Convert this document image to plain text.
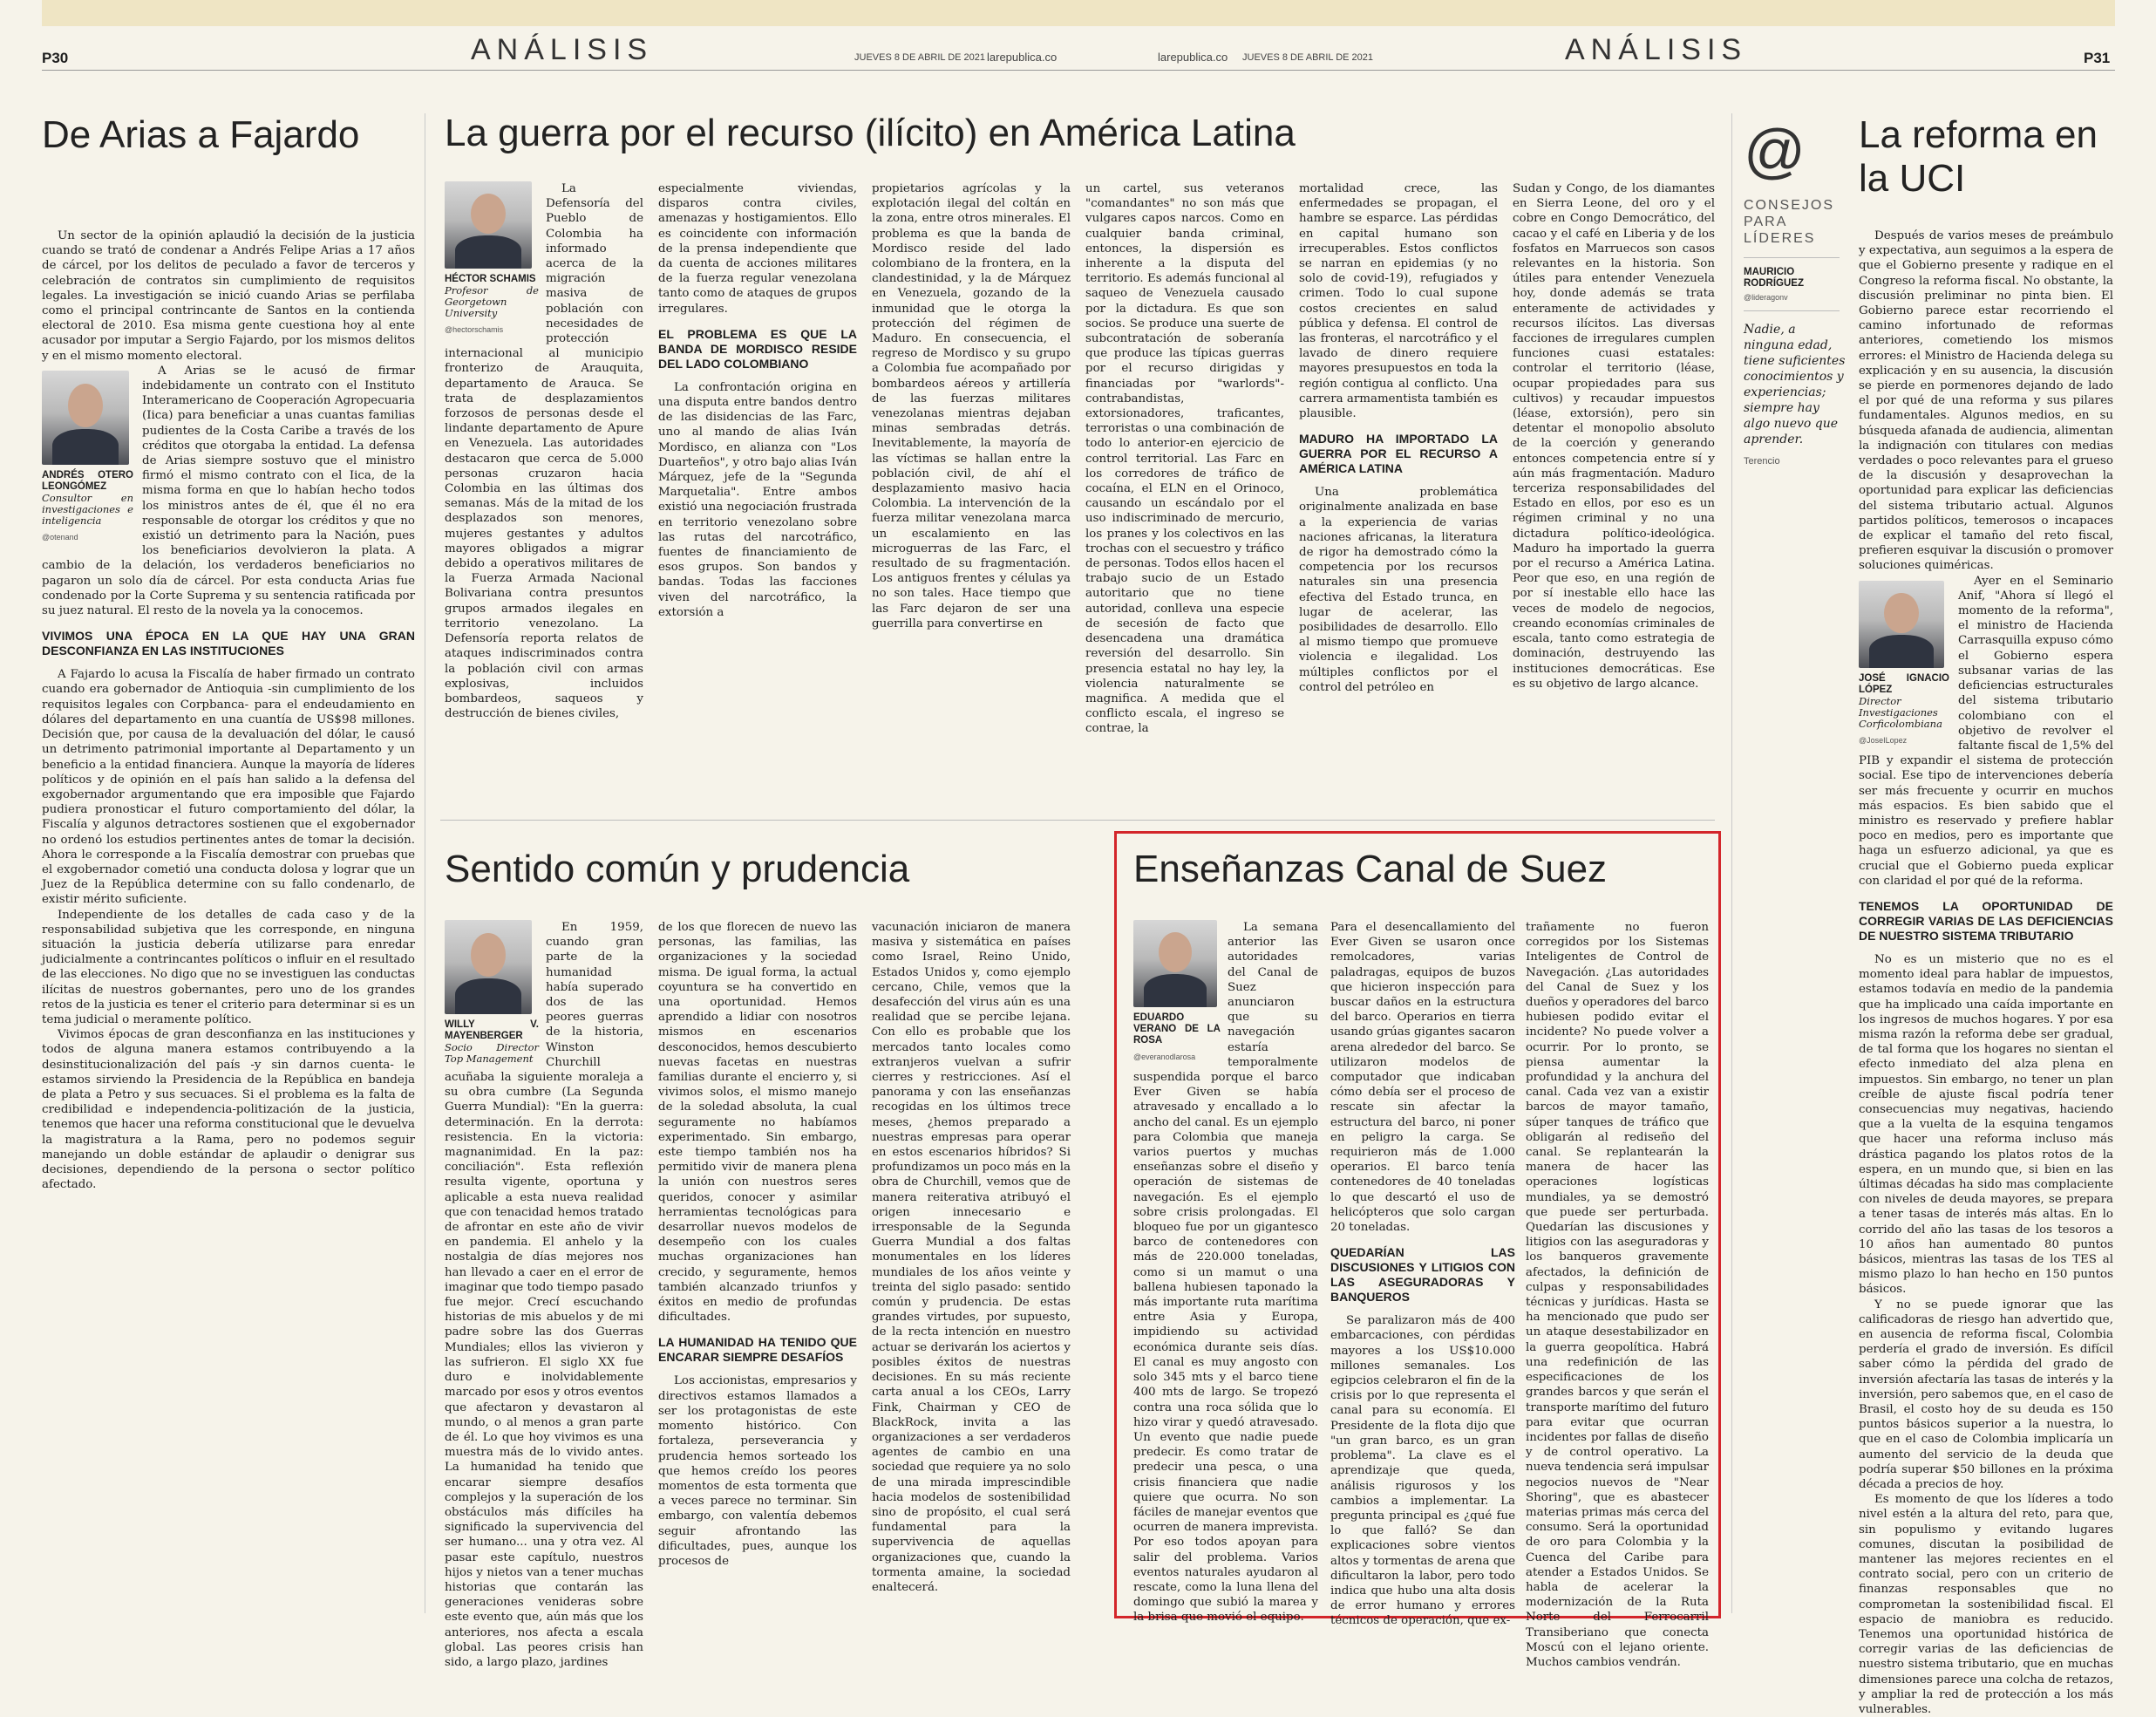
P30	ANÁLISIS	JUEVES 8 DE ABRIL DE 2021 larepublica.co	larepublica.co JUEVES 8 DE ABRIL DE 2021	ANÁLISIS	P31
De Arias a Fajardo

Un sector de la opinión aplaudió la decisión de la justicia cuando se trató de condenar a Andrés Felipe Arias a 17 años de cárcel, por los delitos de peculado a favor de terceros y celebración de contratos sin cumplimiento de requisitos legales. La investigación se inició cuando Arias se perfilaba como el principal contrincante de Santos en la contienda electoral de 2010. Esa misma gente cuestiona hoy al ente acusador por imputar a Sergio Fajardo, por los mismos delitos y en el mismo momento electoral.

ANDRÉS OTERO LEONGÓMEZ
Consultor en investigaciones e inteligencia
@otenand

A Arias se le acusó de firmar indebidamente un contrato con el Instituto Interamericano de Cooperación Agropecuaria (Iica) para beneficiar a unas cuantas familias pudientes de la Costa Caribe a través de los créditos que otorgaba la entidad. La defensa de Arias siempre sostuvo que el ministro firmó el mismo contrato con el Iica, de la misma forma en que lo habían hecho todos los ministros antes de él, que él no era responsable de otorgar los créditos y que no existió un detrimento para la Nación, pues los beneficiarios devolvieron la plata. A cambio de la delación, los verdaderos beneficiarios no pagaron un solo día de cárcel. Por esta conducta Arias fue condenado por la Corte Suprema y su sentencia ratificada por su juez natural. El resto de la novela ya la conocemos.

VIVIMOS UNA ÉPOCA EN LA QUE HAY UNA GRAN DESCONFIANZA EN LAS INSTITUCIONES

A Fajardo lo acusa la Fiscalía de haber firmado un contrato cuando era gobernador de Antioquia -sin cumplimiento de los requisitos legales con Corpbanca- para el endeudamiento en dólares del departamento en una cuantía de US$98 millones. Decisión que, por causa de la devaluación del dólar, le causó un detrimento patrimonial importante al Departamento y un beneficio a la entidad financiera. Aunque la mayoría de líderes políticos y de opinión en el país han salido a la defensa del exgobernador argumentando que era imposible que Fajardo pudiera pronosticar el futuro comportamiento del dólar, la Fiscalía y algunos detractores sostienen que el exgobernador no ordenó los estudios pertinentes antes de tomar la decisión. Ahora le corresponde a la Fiscalía demostrar con pruebas que el exgobernador cometió una conducta dolosa y lograr que un Juez de la República determine con su fallo condenarlo, de existir mérito suficiente.

Independiente de los detalles de cada caso y de la responsabilidad subjetiva que les corresponde, en ninguna situación la justicia debería utilizarse para enredar judicialmente a contrincantes políticos o influir en el resultado de las elecciones. No digo que no se investiguen las conductas ilícitas de nuestros gobernantes, pero uno de los grandes retos de la justicia es tener el criterio para determinar si es un tema judicial o meramente político.

Vivimos épocas de gran desconfianza en las instituciones y todos de alguna manera estamos contribuyendo a la desinstitucionalización del país -y sin darnos cuenta- le estamos sirviendo la Presidencia de la República en bandeja de plata a Petro y sus secuaces. Si el problema es la falta de credibilidad e independencia-politización de la justicia, tenemos que hacer una reforma constitucional que le devuelva la magistratura a la Rama, pero no podemos seguir manejando un doble estándar de aplaudir o denigrar sus decisiones, dependiendo de la persona o sector político afectado.

La guerra por el recurso (ilícito) en América Latina
HÉCTOR SCHAMIS
Profesor de Georgetown University
@hectorschamis

La Defensoría del Pueblo de Colombia ha informado acerca de la migración masiva de población con necesidades de protección internacional al municipio fronterizo de Arauquita, departamento de Arauca. Se trata de desplazamientos forzosos de personas desde el lindante departamento de Apure en Venezuela. Las autoridades destacaron que cerca de 5.000 personas cruzaron hacia Colombia en las últimas dos semanas. Más de la mitad de los desplazados son menores, mujeres gestantes y adultos mayores obligados a migrar debido a operativos militares de la Fuerza Armada Nacional Bolivariana contra presuntos grupos armados ilegales en territorio venezolano. La Defensoría reporta relatos de ataques indiscriminados contra la población civil con armas explosivas, incluidos bombardeos, saqueos y destrucción de bienes civiles,

especialmente viviendas, disparos contra civiles, amenazas y hostigamientos. Ello es coincidente con información de la prensa independiente que da cuenta de acciones militares de la fuerza regular venezolana tanto como de ataques de grupos irregulares.

EL PROBLEMA ES QUE LA BANDA DE MORDISCO RESIDE DEL LADO COLOMBIANO

La confrontación origina en una disputa entre bandos dentro de las disidencias de las Farc, uno al mando de alias Iván Mordisco, en alianza con "Los Duarteños", y otro bajo alias Iván Márquez, jefe de la "Segunda Marquetalia". Entre ambos existió una negociación frustrada en territorio venezolano sobre las rutas del narcotráfico, fuentes de financiamiento de esos grupos. Son bandos y bandas. Todas las facciones viven del narcotráfico, la extorsión a

propietarios agrícolas y la explotación ilegal del coltán en la zona, entre otros minerales. El problema es que la banda de Mordisco reside del lado colombiano de la frontera, en la clandestinidad, y la de Márquez en Venezuela, gozando de la inmunidad que le otorga la protección del régimen de Maduro. En consecuencia, el regreso de Mordisco y su grupo a Colombia fue acompañado por bombardeos aéreos y artillería de las fuerzas militares venezolanas mientras dejaban minas sembradas detrás. Inevitablemente, la mayoría de las víctimas se hallan entre la población civil, de ahí el desplazamiento masivo hacia Colombia. La intervención de la fuerza militar venezolana marca un escalamiento en las microguerras de las Farc, el resultado de su fragmentación. Los antiguos frentes y células ya no son tales. Hace tiempo que las Farc dejaron de ser una guerrilla para convertirse en

un cartel, sus veteranos "comandantes" no son más que vulgares capos narcos. Como en cualquier banda criminal, entonces, la dispersión es inherente a la disputa del territorio. Es además funcional al saqueo de Venezuela causado por la dictadura. Es que son socios. Se produce una suerte de subcontratación de soberanía que produce las típicas guerras por el recurso dirigidas y financiadas por "warlords"-contrabandistas, extorsionadores, traficantes, terroristas o una combinación de todo lo anterior-en ejercicio de control territorial. Las Farc en los corredores de tráfico de cocaína, el ELN en el Orinoco, causando un escándalo por el uso indiscriminado de mercurio, los pranes y los colectivos en las trochas con el secuestro y tráfico de personas. Todos ellos hacen el trabajo sucio de un Estado autoritario que no tiene autoridad, conlleva una especie de secesión de facto que desencadena una dramática reversión del desarrollo. Sin presencia estatal no hay ley, la violencia naturalmente se magnifica. A medida que el conflicto escala, el ingreso se contrae, la

mortalidad crece, las enfermedades se propagan, el hambre se esparce. Las pérdidas en capital humano son irrecuperables. Estos conflictos se narran en epidemias (y no solo de covid-19), refugiados y crimen. Todo lo cual supone costos crecientes en salud pública y defensa. El control de las fronteras, el narcotráfico y el lavado de dinero requiere mayores presupuestos en toda la región contigua al conflicto. Una carrera armamentista también es plausible.

MADURO HA IMPORTADO LA GUERRA POR EL RECURSO A AMÉRICA LATINA

Una problemática originalmente analizada en base a la experiencia de varias naciones africanas, la literatura de rigor ha demostrado cómo la competencia por los recursos naturales sin una presencia efectiva del Estado trunca, en lugar de acelerar, las posibilidades de desarrollo. Ello al mismo tiempo que promueve violencia e ilegalidad. Los múltiples conflictos por el control del petróleo en

Sudan y Congo, de los diamantes en Sierra Leone, del oro y el cobre en Congo Democrático, del cacao y el café en Liberia y de los fosfatos en Marruecos son casos relevantes en la historia. Son útiles para entender Venezuela hoy, donde además se trata enteramente de actividades y recursos ilícitos. Las diversas facciones de irregulares cumplen funciones cuasi estatales: controlar el territorio (léase, ocupar propiedades para sus cultivos) y recaudar impuestos (léase, extorsión), pero sin detentar el monopolio absoluto de la coerción y generando entonces competencia entre sí y aún más fragmentación. Maduro terceriza responsabilidades del Estado en ellos, por eso es un régimen criminal y no una dictadura político-ideológica. Maduro ha importado la guerra por el recurso a América Latina. Peor que eso, en una región de por sí inestable ello hace las veces de modelo de negocios, creando economías criminales de escala, tanto como estrategia de dominación, destruyendo las instituciones democráticas. Ese es su objetivo de largo alcance.

Sentido común y prudencia
WILLY V. MAYENBERGER
Socio Director Top Management

En 1959, cuando gran parte de la humanidad había superado dos de las peores guerras de la historia, Winston Churchill acuñaba la siguiente moraleja a su obra cumbre (La Segunda Guerra Mundial): "En la guerra: determinación. En la derrota: resistencia. En la victoria: magnanimidad. En la paz: conciliación". Esta reflexión resulta vigente, oportuna y aplicable a esta nueva realidad que con tenacidad hemos tratado de afrontar en este año de vivir en pandemia. El anhelo y la nostalgia de días mejores nos han llevado a caer en el error de imaginar que todo tiempo pasado fue mejor. Crecí escuchando historias de mis abuelos y de mi padre sobre las dos Guerras Mundiales; ellos las vivieron y las sufrieron. El siglo XX fue duro e inolvidablemente marcado por esos y otros eventos que afectaron y devastaron al mundo, o al menos a gran parte de él. Lo que hoy vivimos es una muestra más de lo vivido antes. La humanidad ha tenido que encarar siempre desafíos complejos y la superación de los obstáculos más difíciles ha significado la supervivencia del ser humano... una y otra vez. Al pasar este capítulo, nuestros hijos y nietos van a tener muchas historias que contarán las generaciones venideras sobre este evento que, aún más que los anteriores, nos afecta a escala global. Las peores crisis han sido, a largo plazo, jardines

de los que florecen de nuevo las personas, las familias, las organizaciones y la sociedad misma. De igual forma, la actual coyuntura se ha convertido en una oportunidad. Hemos aprendido a lidiar con nosotros mismos en escenarios desconocidos, hemos descubierto nuevas facetas en nuestras familias durante el encierro y, si vivimos solos, el mismo manejo de la soledad absoluta, la cual seguramente no habíamos experimentado. Sin embargo, este tiempo también nos ha permitido vivir de manera plena la unión con nuestros seres queridos, conocer y asimilar herramientas tecnológicas para desarrollar nuevos modelos de desempeño con los cuales muchas organizaciones han crecido, y seguramente, hemos también alcanzado triunfos y éxitos en medio de profundas dificultades.

LA HUMANIDAD HA TENIDO QUE ENCARAR SIEMPRE DESAFÍOS

Los accionistas, empresarios y directivos estamos llamados a ser los protagonistas de este momento histórico. Con fortaleza, perseverancia y prudencia hemos sorteado los que hemos creído los peores momentos de esta tormenta que a veces parece no terminar. Sin embargo, con valentía debemos seguir afrontando las dificultades, pues, aunque los procesos de

vacunación iniciaron de manera masiva y sistemática en países como Israel, Reino Unido, Estados Unidos y, como ejemplo cercano, Chile, vemos que la desafección del virus aún es una realidad que se percibe lejana. Con ello es probable que los mercados tanto locales como extranjeros vuelvan a sufrir cierres y restricciones. Así el panorama y con las enseñanzas recogidas en los últimos trece meses, ¿hemos preparado a nuestras empresas para operar en estos escenarios híbridos? Si profundizamos un poco más en la obra de Churchill, vemos que de manera reiterativa atribuyó el origen innecesario e irresponsable de la Segunda Guerra Mundial a dos faltas monumentales en los líderes mundiales de los años veinte y treinta del siglo pasado: sentido común y prudencia. De estas grandes virtudes, por supuesto, de la recta intención en nuestro actuar se derivarán los aciertos y posibles éxitos de nuestras decisiones. En su más reciente carta anual a los CEOs, Larry Fink, Chairman y CEO de BlackRock, invita a las organizaciones a ser verdaderos agentes de cambio en una sociedad que requiere ya no solo de una mirada imprescindible hacia modelos de sostenibilidad sino de propósito, el cual será fundamental para la supervivencia de aquellas organizaciones que, cuando la tormenta amaine, la sociedad enaltecerá.

Enseñanzas Canal de Suez
EDUARDO VERANO DE LA ROSA
@everanodlarosa

La semana anterior las autoridades del Canal de Suez anunciaron que su navegación estaría temporalmente suspendida porque el barco Ever Given se había atravesado y encallado a lo ancho del canal. Es un ejemplo para Colombia que maneja varios puertos y muchas enseñanzas sobre el diseño y operación de sistemas de navegación. Es el ejemplo sobre crisis prolongadas. El bloqueo fue por un gigantesco barco de contenedores con más de 220.000 toneladas, como si un mamut o una ballena hubiesen taponado la más importante ruta marítima entre Asia y Europa, impidiendo su actividad económica durante seis días. El canal es muy angosto con solo 345 mts y el barco tiene 400 mts de largo. Se tropezó contra una roca sólida que lo hizo virar y quedó atravesado. Un evento que nadie puede predecir. Es como tratar de predecir una pesca, o una crisis financiera que nadie quiere que ocurra. No son fáciles de manejar eventos que ocurren de manera imprevista. Por eso todos apoyan para salir del problema. Varios eventos naturales ayudaron al rescate, como la luna llena del domingo que subió la marea y la brisa que movió el equipo.

Para el desencallamiento del Ever Given se usaron once remolcadores, varias paladragas, equipos de buzos que hicieron inspección para buscar daños en la estructura del barco. Operarios en tierra usando grúas gigantes sacaron arena alrededor del barco. Se utilizaron modelos de computador que indicaban cómo debía ser el proceso de rescate sin afectar la estructura del barco, ni poner en peligro la carga. Se requirieron más de 1.000 operarios. El barco tenía contenedores de 40 toneladas lo que descartó el uso de helicópteros que solo cargan 20 toneladas.

QUEDARÍAN LAS DISCUSIONES Y LITIGIOS CON LAS ASEGURADORAS Y BANQUEROS

Se paralizaron más de 400 embarcaciones, con pérdidas mayores a los US$10.000 millones semanales. Los egipcios celebraron el fin de la crisis por lo que representa el canal para su economía. El Presidente de la flota dijo que "un gran barco, es un gran problema". La clave es el aprendizaje que queda, análisis rigurosos y los cambios a implementar. La pregunta principal es ¿qué fue lo que falló? Se dan explicaciones sobre vientos altos y tormentas de arena que dificultaron la labor, pero todo indica que hubo una alta dosis de error humano y errores técnicos de operación, que ex-

trañamente no fueron corregidos por los Sistemas Inteligentes de Control de Navegación. ¿Las autoridades del Canal de Suez y los dueños y operadores del barco hubiesen podido evitar el incidente? No puede volver a ocurrir. Por lo pronto, se piensa aumentar la profundidad y la anchura del canal. Cada vez van a existir barcos de mayor tamaño, súper tanques de tráfico que obligarán al rediseño del canal. Se replantearán la manera de hacer las operaciones logísticas mundiales, ya se demostró que puede ser perturbada. Quedarían las discusiones y litigios con las aseguradoras y los banqueros gravemente afectados, la definición de culpas y responsabilidades técnicas y jurídicas. Hasta se ha mencionado que pudo ser un ataque desestabilizador en la guerra geopolítica. Habrá una redefinición de las especificaciones de los grandes barcos y que serán el transporte marítimo del futuro para evitar que ocurran incidentes por fallas de diseño y de control operativo. La nueva tendencia será impulsar negocios nuevos de "Near Shoring", que es abastecer materias primas más cerca del consumo. Será la oportunidad de oro para Colombia y la Cuenca del Caribe para atender a Estados Unidos. Se habla de acelerar la modernización de la Ruta Norte del Ferrocarril Transiberiano que conecta Moscú con el lejano oriente. Muchos cambios vendrán.

@
CONSEJOS PARA LÍDERES
MAURICIO RODRÍGUEZ
@lideragonv
Nadie, a ninguna edad, tiene suficientes conocimientos y experiencias; siempre hay algo nuevo que aprender.
Terencio
La reforma en la UCI

Después de varios meses de preámbulo y expectativa, aun seguimos a la espera de que el Gobierno presente y radique en el Congreso la reforma fiscal. No obstante, la discusión preliminar no pinta bien. El Gobierno parece estar recorriendo el camino infortunado de reformas anteriores, cometiendo los mismos errores: el Ministro de Hacienda delega su explicación y en su ausencia, la discusión se pierde en pormenores dejando de lado el por qué de una reforma y sus pilares fundamentales. Algunos medios, en su búsqueda afanada de audiencia, alimentan la indignación con titulares con medias verdades o poco relevantes para el grueso de la discusión y desaprovechan la oportunidad para explicar las deficiencias del sistema tributario actual. Algunos partidos políticos, temerosos o incapaces de explicar el tamaño del reto fiscal, prefieren esquivar la discusión o promover soluciones quiméricas.

JOSÉ IGNACIO LÓPEZ
Director Investigaciones Corficolombiana
@JoseILopez

Ayer en el Seminario Anif, "Ahora sí llegó el momento de la reforma", el ministro de Hacienda Carrasquilla expuso cómo el Gobierno espera subsanar varias de las deficiencias estructurales del sistema tributario colombiano con el objetivo de revolver el faltante fiscal de 1,5% del PIB y expandir el sistema de protección social. Ese tipo de intervenciones debería ser más frecuente y ocurrir en muchos más espacios. Es bien sabido que el ministro es reservado y prefiere hablar poco en medios, pero es importante que haga un esfuerzo adicional, ya que es crucial que el Gobierno pueda explicar con claridad el por qué de la reforma.

TENEMOS LA OPORTUNIDAD DE CORREGIR VARIAS DE LAS DEFICIENCIAS DE NUESTRO SISTEMA TRIBUTARIO

No es un misterio que no es el momento ideal para hablar de impuestos, estamos todavía en medio de la pandemia que ha implicado una caída importante en los ingresos de muchos hogares. Y por esa misma razón la reforma debe ser gradual, de tal forma que los hogares no sientan el efecto inmediato del alza plena en impuestos. Sin embargo, no tener un plan creíble de ajuste fiscal podría tener consecuencias muy negativas, haciendo que a la vuelta de la esquina tengamos que hacer una reforma incluso más drástica pagando los platos rotos de la espera, en un mundo que, si bien en las últimas décadas ha sido mas complaciente con niveles de deuda mayores, se prepara a tener tasas de interés más altas. En lo corrido del año las tasas de los tesoros a 10 años han aumentado 80 puntos básicos, mientras las tasas de los TES al mismo plazo lo han hecho en 150 puntos básicos.

Y no se puede ignorar que las calificadoras de riesgo han advertido que, en ausencia de reforma fiscal, Colombia perdería el grado de inversión. Es difícil saber cómo la pérdida del grado de inversión afectaría las tasas de interés y la inversión, pero sabemos que, en el caso de Brasil, el costo hoy de su deuda es 150 puntos básicos superior a la nuestra, lo que en el caso de Colombia implicaría un aumento del servicio de la deuda que podría superar $50 billones en la próxima década a precios de hoy.

Es momento de que los líderes a todo nivel estén a la altura del reto, para que, sin populismo y evitando lugares comunes, discutan la posibilidad de mantener las mejores recientes en el contrato social, pero con un criterio de finanzas responsables que no comprometan la sostenibilidad fiscal. El espacio de maniobra es reducido. Tenemos una oportunidad histórica de corregir varias de las deficiencias de nuestro sistema tributario, que en muchas dimensiones parece una colcha de retazos, y ampliar la red de protección a los más vulnerables.
